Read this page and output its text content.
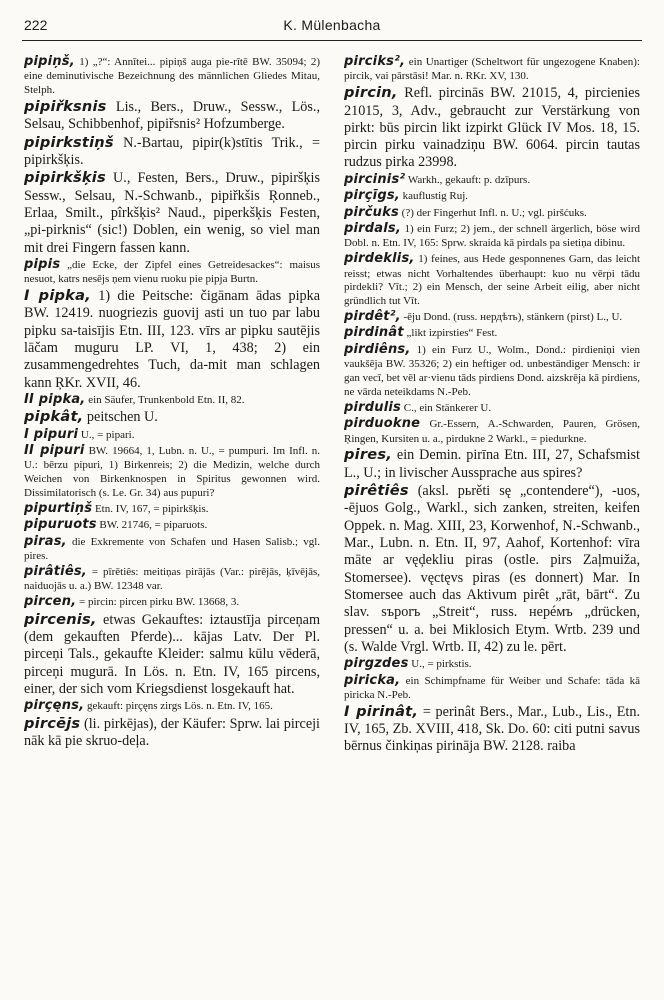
222	K. Mülenbacha

pipiņš, 1) „?“: Annītei... pipiņš auga pie-rītē BW. 35094; 2) eine deminutivische Bezeichnung des männlichen Gliedes Mitau, Stelph.

pipiřksnis Lis., Bers., Druw., Sessw., Lös., Selsau, Schibbenhof, pipiřsnis² Hofzumberge.

pipirkstiņš N.-Bartau, pipir(k)stītis Trik., = pipirkšķis.

pipirkšķis U., Festen, Bers., Druw., pipiršķis Sessw., Selsau, N.-Schwanb., pipiřkšis Ŗonneb., Erlaa, Smilt., pîrkšķis² Naud., piperkšķis Festen, „pi-pirknis“ (sic!) Doblen, ein wenig, so viel man mit drei Fingern fassen kann.

pipis „die Ecke, der Zipfel eines Getreidesackes“: maisus nesuot, katrs nesējs ņem vienu ruoku pie pipja Burtn.

I pipka, 1) die Peitsche: čigānam ādas pipka BW. 12419. nuogriezis guovij asti un tuo par labu pipku sa-taisījis Etn. III, 123. vīrs ar pipku sautējis lāčam muguru LP. VI, 1, 438; 2) ein zusammengedrehtes Tuch, da-mit man schlagen kann ŖKr. XVII, 46.

II pipka, ein Säufer, Trunkenbold Etn. II, 82.

pipkât, peitschen U.

I pipuri U., = pipari.

II pipuri BW. 19664, 1, Lubn. n. U., = pumpuri. Im Infl. n. U.: bērzu pipuri, 1) Birkenreis; 2) die Medizin, welche durch Weichen von Birkenknospen in Spiritus gewonnen wird. Dissimilatorisch (s. Le. Gr. 34) aus pupuri?

pipurtiņš Etn. IV, 167, = pipirkšķis.

pipuruots BW. 21746, = piparuots.

piras, die Exkremente von Schafen und Hasen Salisb.; vgl. pires.

pirâtiês, = pīrētiês: meitiņas pirājās (Var.: pirējās, ķīvējās, naiduojās u. a.) BW. 12348 var.

pircen, = pircin: pircen pirku BW. 13668, 3.

pircenis, etwas Gekauftes: iztaustīja pirceņam (dem gekauften Pferde)... kājas Latv. Der Pl. pirceņi Tals., gekaufte Kleider: salmu kūlu vēderā, pirceņi mugurā. In Lös. n. Etn. IV, 165 pircens, einer, der sich vom Kriegsdienst losgekauft hat.

pirçęns, gekauft: pirçęns zirgs Lös. n. Etn. IV, 165.

pircējs (li. pirkējas), der Käufer: Sprw. lai pirceji nāk kā pie skruo-deļa.

pirciks², ein Unartiger (Scheltwort für ungezogene Knaben): pircik, vai pārstāsi! Mar. n. RKr. XV, 130.

pircin, Refl. pircinās BW. 21015, 4, pircienies 21015, 3, Adv., gebraucht zur Verstärkung von pirkt: būs pircin likt izpirkt Glück IV Mos. 18, 15. pircin pirku vainadziņu BW. 6064. pircin tautas rudzus pirka 23998.

pircinis² Warkh., gekauft: p. dzīpurs.

pirçīgs, kauflustig Ruj.

pirčuks (?) der Fingerhut Infl. n. U.; vgl. piršćuks.

pirdals, 1) ein Furz; 2) jem., der schnell ärgerlich, böse wird Dobl. n. Etn. IV, 165: Sprw. skraida kā pirdals pa sietiņa dibinu.

pirdeklis, 1) feines, aus Hede gesponnenes Garn, das leicht reisst; etwas nicht Vorhaltendes überhaupt: kuo nu vērpi tādu pirdekli? Vīt.; 2) ein Mensch, der seine Arbeit eilig, aber nicht gründlich tut Vīt.

pirdêt², -ēju Dond. (russ. нердѣть), stänkern (pirst) L., U.

pirdinât „likt izpirsties“ Fest.

pirdiêns, 1) ein Furz U., Wolm., Dond.: pirdieniņi vien vaukšēja BW. 35326; 2) ein heftiger od. unbeständiger Mensch: ir gan vecī, bet vēl ar·vienu tāds pirdiens Dond. aizskrēja kā pirdiens, ne vārda neteikdams N.-Peb.

pirdulis C., ein Stänkerer U.

pirduokne Gr.-Essern, A.-Schwarden, Pauren, Grösen, Ŗingen, Kursiten u. a., pirdukne 2 Warkl., = piedurkne.

pires, ein Demin. pirīna Etn. III, 27, Schafsmist L., U.; in livischer Aussprache aus spires?

pirêtiês (aksl. pьrěti sę „contendere“), -uos, -ējuos Golg., Warkl., sich zanken, streiten, keifen Oppek. n. Mag. XIII, 23, Korwenhof, N.-Schwanb., Mar., Lubn. n. Etn. II, 97, Aahof, Kortenhof: vīra māte ar vęḑekliu piras (ostle. pirs Zaļmuiža, Stomersee). vęctęvs piras (es donnert) Mar. In Stomersee auch das Aktivum pirêt „rāt, bārt“. Zu slav. sъporъ „Streit“, russ. нерéмъ „drücken, pressen“ u. a. bei Miklosich Etym. Wrtb. 239 und (s. Walde Vrgl. Wrtb. II, 42) zu le. pērt.

pirgzdes U., = pirkstis.

piricka, ein Schimpfname für Weiber und Schafe: tāda kā piricka N.-Peb.

I pirinât, = perinât Bers., Mar., Lub., Lis., Etn. IV, 165, Zb. XVIII, 418, Sk. Do. 60: citi putni savus bērnus činkiņas pirināja BW. 2128. raiba
